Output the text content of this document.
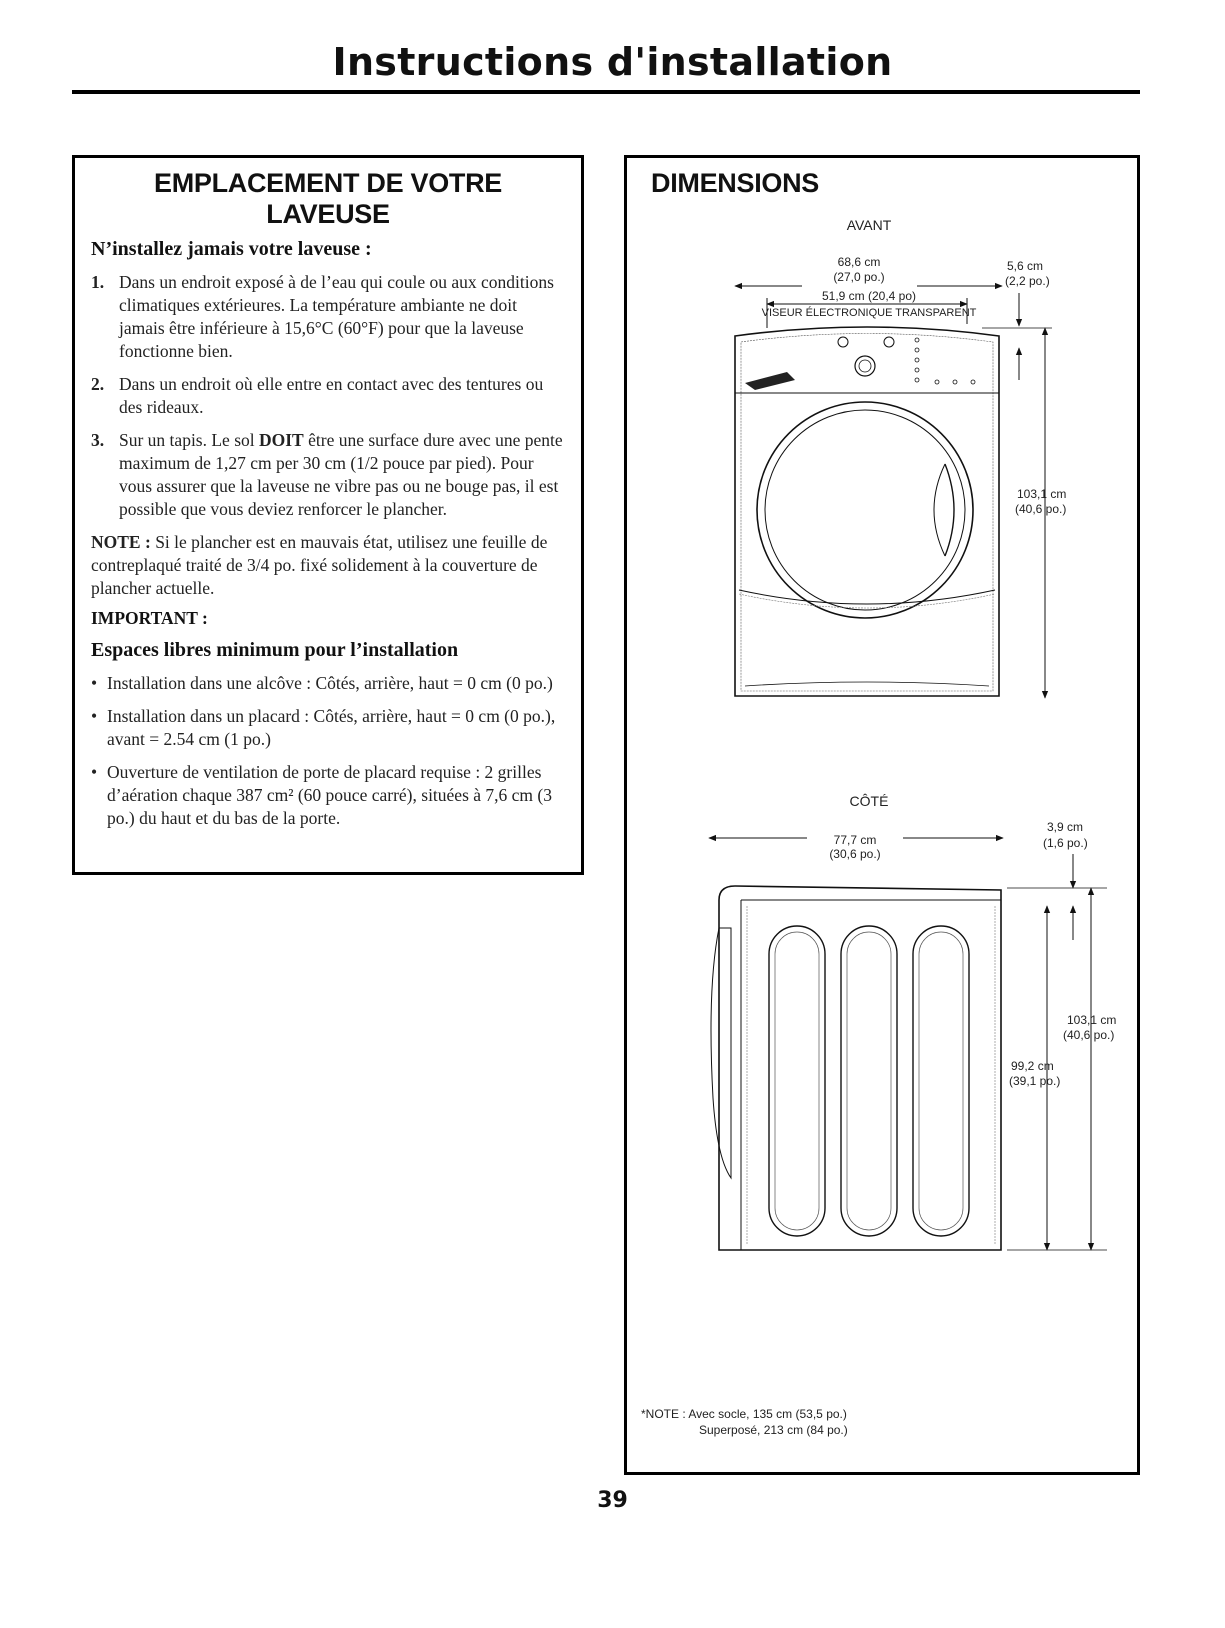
Instructions d'installation
EMPLACEMENT DE VOTRE LAVEUSE
N’installez jamais votre laveuse :
1. Dans un endroit exposé à de l’eau qui coule ou aux conditions climatiques extérieures. La température ambiante ne doit jamais être inférieure à 15,6°C (60°F) pour que la laveuse fonctionne bien.
2. Dans un endroit où elle entre en contact avec des tentures ou des rideaux.
3. Sur un tapis. Le sol DOIT être une surface dure avec une pente maximum de 1,27 cm per 30 cm (1/2 pouce par pied). Pour vous assurer que la laveuse ne vibre pas ou ne bouge pas, il est possible que vous deviez renforcer le plancher.

NOTE : Si le plancher est en mauvais état, utilisez une feuille de contreplaqué traité de 3/4 po. fixé solidement à la couverture de plancher actuelle.

IMPORTANT :
Espaces libres minimum pour l’installation
• Installation dans une alcôve : Côtés, arrière, haut = 0 cm (0 po.)
• Installation dans un placard : Côtés, arrière, haut = 0 cm (0 po.), avant = 2.54 cm (1 po.)
• Ouverture de ventilation de porte de placard requise : 2 grilles d’aération chaque 387 cm² (60 pouce carré), situées à 7,6 cm (3 po.) du haut et du bas de la porte.
DIMENSIONS
AVANT
68,6 cm
(27,0 po.)
51,9 cm (20,4 po)
VISEUR ÉLECTRONIQUE TRANSPARENT
5,6 cm
(2,2 po.)
103,1 cm
(40,6 po.)
CÔTÉ
77,7 cm
(30,6 po.)
3,9 cm
(1,6 po.)
103,1 cm
(40,6 po.)
99,2 cm
(39,1 po.)
*NOTE : Avec socle, 135 cm (53,5 po.)
Superposé, 213 cm (84 po.)
39
